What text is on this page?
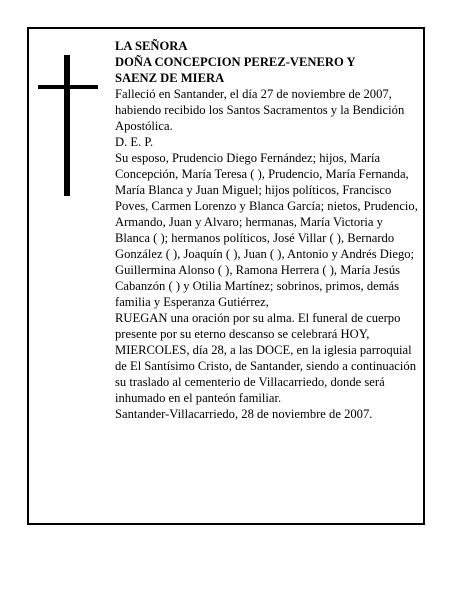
LA SEÑORA

DOÑA CONCEPCION PEREZ-VENERO Y

SAENZ DE MIERA

Falleció en Santander, el día 27 de noviembre de 2007, habiendo recibido los Santos Sacramentos y la Bendición Apostólica.

D. E. P.

Su esposo, Prudencio Diego Fernández; hijos, María Concepción, María Teresa ( ), Prudencio, María Fernanda, María Blanca y Juan Miguel; hijos políticos, Francisco Poves, Carmen Lorenzo y Blanca García; nietos, Prudencio, Armando, Juan y Alvaro; hermanas, María Victoria y Blanca ( ); hermanos políticos, José Villar ( ), Bernardo González ( ), Joaquín ( ), Juan ( ), Antonio y Andrés Diego; Guillermina Alonso ( ), Ramona Herrera ( ), María Jesús Cabanzón ( ) y Otilia Martínez; sobrinos, primos, demás familia y Esperanza Gutiérrez,

RUEGAN una oración por su alma. El funeral de cuerpo presente por su eterno descanso se celebrará HOY, MIERCOLES, día 28, a las DOCE, en la iglesia parroquial de El Santísimo Cristo, de Santander, siendo a continuación su traslado al cementerio de Villacarriedo, donde será inhumado en el panteón familiar.

Santander-Villacarriedo, 28 de noviembre de 2007.
